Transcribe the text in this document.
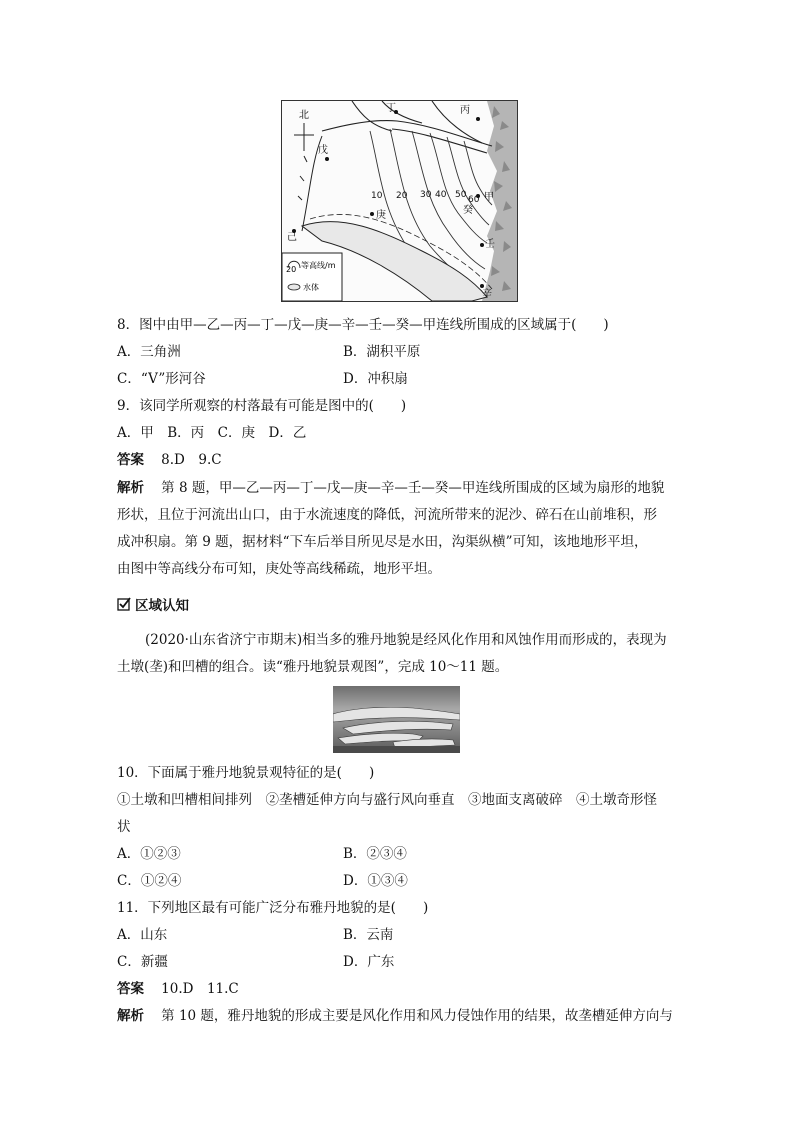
北
丁	丙
戊
甲
癸
庚
己
壬
辛
10 20 30 40 50 60
20 等高线/m
水体
8．图中由甲—乙—丙—丁—戊—庚—辛—壬—癸—甲连线所围成的区域属于(　　)
A．三角洲	B．湖积平原
C．“V”形河谷	D．冲积扇
9．该同学所观察的村落最有可能是图中的(　　)
A．甲　B．丙　C．庚　D．乙
答案 8.D　9.C
解析 第 8 题，甲—乙—丙—丁—戊—庚—辛—壬—癸—甲连线所围成的区域为扇形的地貌
形状，且位于河流出山口，由于水流速度的降低，河流所带来的泥沙、碎石在山前堆积，形
成冲积扇。第 9 题，据材料“下车后举目所见尽是水田，沟渠纵横”可知，该地地形平坦，
由图中等高线分布可知，庚处等高线稀疏，地形平坦。
区域认知
(2020·山东省济宁市期末)相当多的雅丹地貌是经风化作用和风蚀作用而形成的，表现为
土墩(垄)和凹槽的组合。读“雅丹地貌景观图”，完成 10～11 题。
10．下面属于雅丹地貌景观特征的是(　　)
①土墩和凹槽相间排列　②垄槽延伸方向与盛行风向垂直　③地面支离破碎　④土墩奇形怪
状
A．①②③	B．②③④
C．①②④	D．①③④
11．下列地区最有可能广泛分布雅丹地貌的是(　　)
A．山东	B．云南
C．新疆	D．广东
答案 10.D　11.C
解析 第 10 题，雅丹地貌的形成主要是风化作用和风力侵蚀作用的结果，故垄槽延伸方向与
